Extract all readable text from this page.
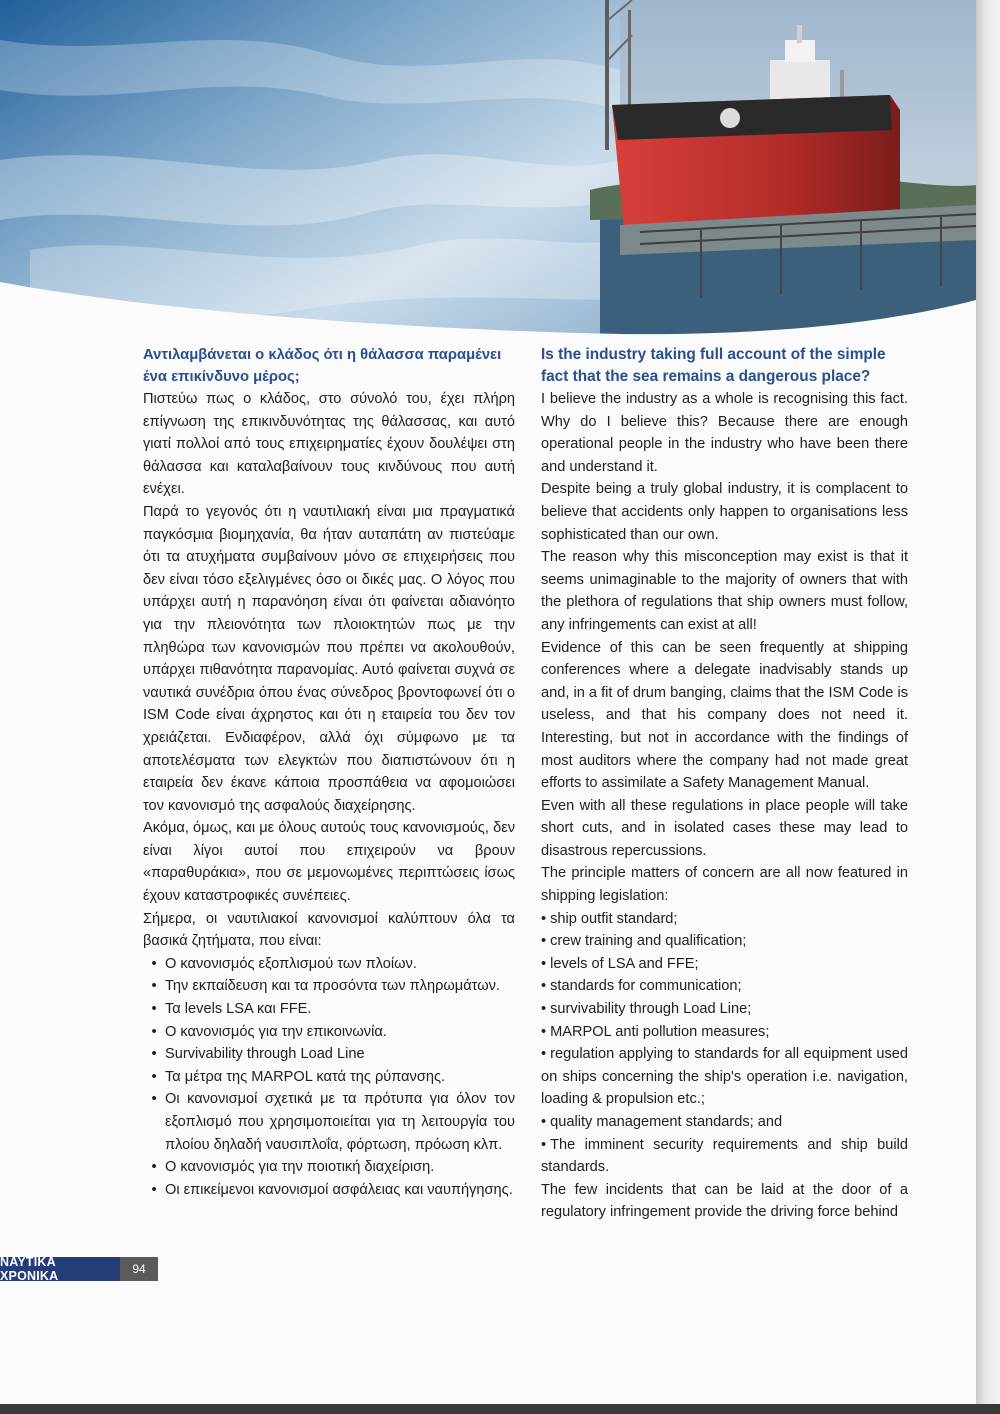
Αντιλαμβάνεται ο κλάδος ότι η θάλασσα παραμένει ένα επικίνδυνο μέρος;

Πιστεύω πως ο κλάδος, στο σύνολό του, έχει πλήρη επίγνωση της επικινδυνότητας της θάλασσας, και αυτό γιατί πολλοί από τους επιχειρηματίες έχουν δουλέψει στη θάλασσα και καταλαβαίνουν τους κινδύνους που αυτή ενέχει.

Παρά το γεγονός ότι η ναυτιλιακή είναι μια πραγματικά παγκόσμια βιομηχανία, θα ήταν αυταπάτη αν πιστεύαμε ότι τα ατυχήματα συμβαίνουν μόνο σε επιχειρήσεις που δεν είναι τόσο εξελιγμένες όσο οι δικές μας. Ο λόγος που υπάρχει αυτή η παρανόηση είναι ότι φαίνεται αδιανόητο για την πλειονότητα των πλοιοκτητών πως με την πληθώρα των κανονισμών που πρέπει να ακολουθούν, υπάρχει πιθανότητα παρανομίας. Αυτό φαίνεται συχνά σε ναυτικά συνέδρια όπου ένας σύνεδρος βροντοφωνεί ότι ο ISM Code είναι άχρηστος και ότι η εταιρεία του δεν τον χρειάζεται. Ενδιαφέρον, αλλά όχι σύμφωνο με τα αποτελέσματα των ελεγκτών που διαπιστώνουν ότι η εταιρεία δεν έκανε κάποια προσπάθεια να αφομοιώσει τον κανονισμό της ασφαλούς διαχείρησης.

Ακόμα, όμως, και με όλους αυτούς τους κανονισμούς, δεν είναι λίγοι αυτοί που επιχειρούν να βρουν «παραθυράκια», που σε μεμονωμένες περιπτώσεις ίσως έχουν καταστροφικές συνέπειες.

Σήμερα, οι ναυτιλιακοί κανονισμοί καλύπτουν όλα τα βασικά ζητήματα, που είναι:

• Ο κανονισμός εξοπλισμού των πλοίων.
• Την εκπαίδευση και τα προσόντα των πληρωμάτων.
• Τα levels LSA και FFE.
• Ο κανονισμός για την επικοινωνία.
• Survivability through Load Line
• Τα μέτρα της MARPOL κατά της ρύπανσης.
• Οι κανονισμοί σχετικά με τα πρότυπα για όλον τον εξοπλισμό που χρησιμοποιείται για τη λειτουργία του πλοίου δηλαδή ναυσιπλοΐα, φόρτωση, πρόωση κλπ.
• Ο κανονισμός για την ποιοτική διαχείριση.
• Οι επικείμενοι κανονισμοί ασφάλειας και ναυπήγησης.
Is the industry taking full account of the simple fact that the sea remains a dangerous place?

I believe the industry as a whole is recognising this fact. Why do I believe this? Because there are enough operational people in the industry who have been there and understand it.

Despite being a truly global industry, it is complacent to believe that accidents only happen to organisations less sophisticated than our own.

The reason why this misconception may exist is that it seems unimaginable to the majority of owners that with the plethora of regulations that ship owners must follow, any infringements can exist at all!

Evidence of this can be seen frequently at shipping conferences where a delegate inadvisably stands up and, in a fit of drum banging, claims that the ISM Code is useless, and that his company does not need it. Interesting, but not in accordance with the findings of most auditors where the company had not made great efforts to assimilate a Safety Management Manual.

Even with all these regulations in place people will take short cuts, and in isolated cases these may lead to disastrous repercussions.

The principle matters of concern are all now featured in shipping legislation:

• ship outfit standard;
• crew training and qualification;
• levels of LSA and FFE;
• standards for communication;
• survivability through Load Line;
• MARPOL anti pollution measures;
• regulation applying to standards for all equipment used on ships concerning the ship's operation i.e. navigation, loading & propulsion etc.;
• quality management standards; and
• The imminent security requirements and ship build standards.

The few incidents that can be laid at the door of a regulatory infringement provide the driving force behind

ΝΑΥΤΙΚΑ ΧΡΟΝΙΚΑ	94
